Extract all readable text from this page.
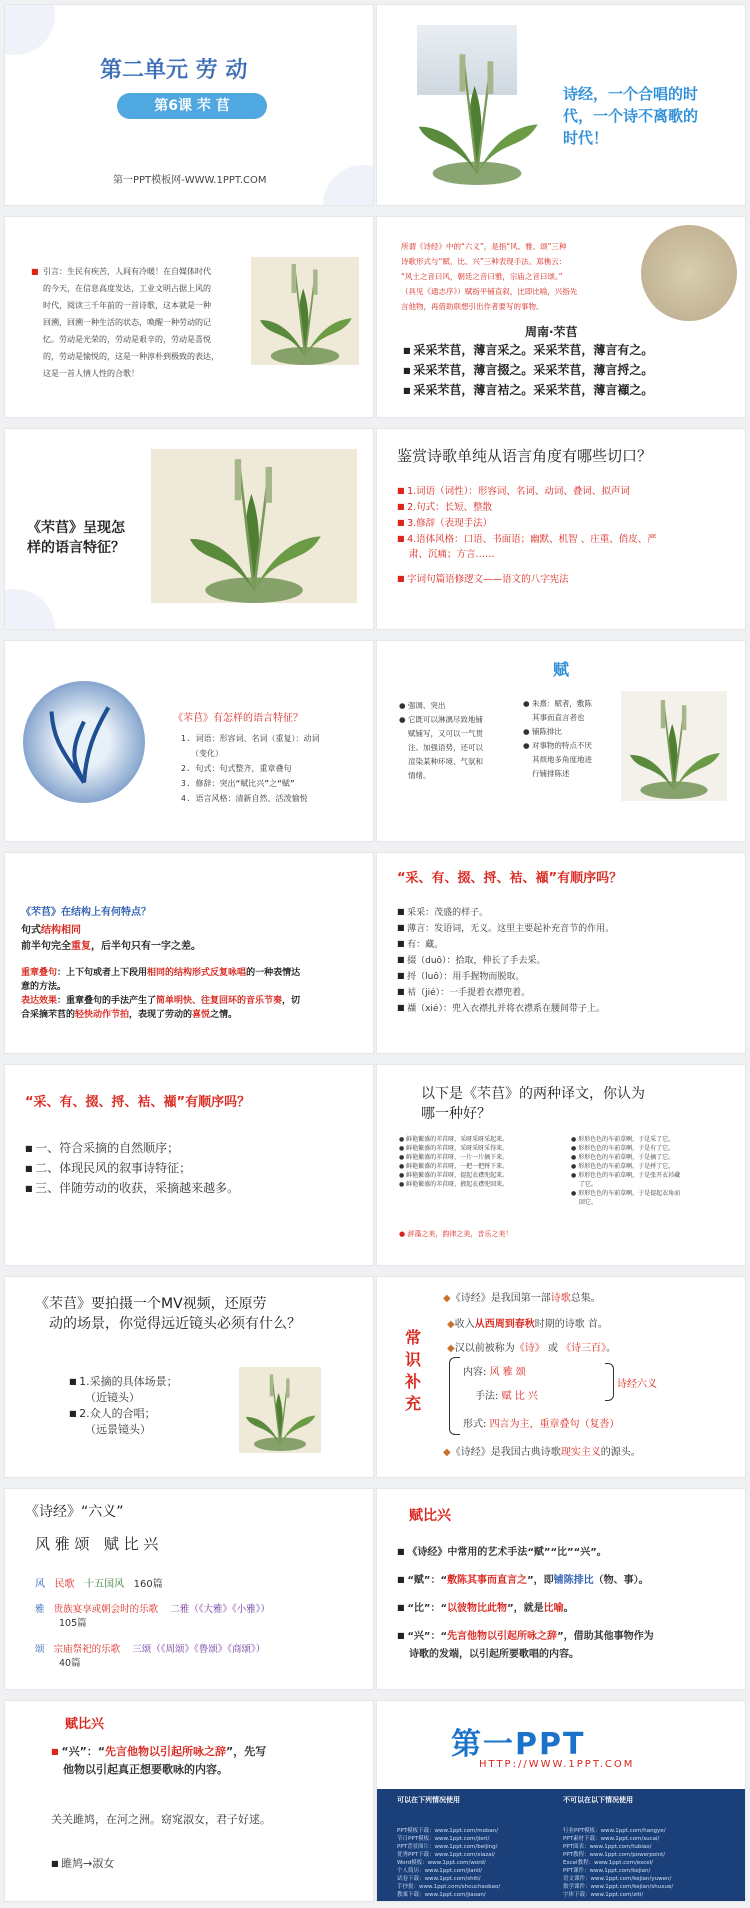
第二单元 劳 动
第6课 芣 苢
第一PPT模板网-WWW.1PPT.COM
诗经，一个合唱的时
代，一个诗不离歌的
时代！
■ 引言：生民有疾苦，人间有冷暖！在自媒体时代
的今天，在信息高度发达，工业文明占据上风的
时代，阅读三千年前的一首诗歌，这本就是一种
回溯，回溯一种生活的状态，唤醒一种劳动的记
忆。劳动是光荣的，劳动是艰辛的，劳动是喜悦
的，劳动是愉悦的，这是一种淳朴到极致的表达，
这是一首人情人性的合歌！
所谓《诗经》中的“六义”，是指“风、雅、颂”三种
诗歌形式与“赋、比、兴”三种表现手法。郑樵云：
“风土之音曰风，朝廷之音曰雅，宗庙之音曰颂。”
（具见《通志序》）赋指平铺直叙，比即比喻，兴指先
言他物，再借助联想引出作者要写的事物。
周南·芣苢
■ 采采芣苢，薄言采之。采采芣苢，薄言有之。
■ 采采芣苢，薄言掇之。采采芣苢，薄言捋之。
■ 采采芣苢，薄言袺之。采采芣苢，薄言襭之。
《芣苢》呈现怎
样的语言特征？
鉴赏诗歌单纯从语言角度有哪些切口？
■ 1.词语（词性）：形容词、名词、动词、叠词、拟声词
■ 2.句式：长短、整散
■ 3.修辞（表现手法）
■ 4.语体风格：口语、书面语；幽默、机智 、庄重、俏皮、严
肃、沉痛；方言……
■ 字词句篇语修逻文——语文的八字宪法
《芣苢》有怎样的语言特征？
1. 词语：形容词、名词（重复）：动词
（变化）
2. 句式：句式整齐，重章叠句
3. 修辞：突出“赋比兴”之“赋”
4. 语言风格：清新自然、活泼愉悦
赋
● 强调、突出
● 它既可以淋漓尽致地铺
赋铺写，又可以一气贯
注、加强语势，还可以
渲染某种环境、气氛和
情绪。
● 朱熹：赋者，敷陈
其事而直言者也
● 铺陈排比
● 对事物的特点不厌
其烦地多角度地进
行铺排陈述
《芣苢》在结构上有何特点？
句式结构相同
前半句完全重复，后半句只有一字之差。
重章叠句：上下句或者上下段用相同的结构形式反复咏唱的一种表情达
意的方法。
表达效果：重章叠句的手法产生了简单明快、往复回环的音乐节奏，切
合采摘芣苢的轻快动作节拍，表现了劳动的喜悦之情。
“采、有、掇、捋、袺、襭”有顺序吗？
■ 采采：茂盛的样子。
■ 薄言：发语词，无义。这里主要起补充音节的作用。
■ 有：藏。
■ 掇（duō）：拾取，伸长了手去采。
■ 捋（luō）：用手握物而脱取。
■ 袺（jié）：一手提着衣襟兜着。
■ 襭（xié）：兜入衣襟扎并将衣襟系在腰间带子上。
“采、有、掇、捋、袺、襭”有顺序吗？
■ 一、符合采摘的自然顺序；
■ 二、体现民风的叙事诗特征；
■ 三、伴随劳动的收获，采摘越来越多。
以下是《芣苢》的两种译文，你认为
哪一种好？
● 鲜艳繁盛的芣苢呀，采呀采呀采起来。
● 鲜艳繁盛的芣苢呀，采呀采呀采得来。
● 鲜艳繁盛的芣苢呀，一片一片摘下来。
● 鲜艳繁盛的芣苢呀，一把一把捋下来。
● 鲜艳繁盛的芣苢呀，提起衣襟兜起来。
● 鲜艳繁盛的芣苢呀，掖起衣襟兜回来。
● 形形色色的车前草啊，于是采了它。
● 形形色色的车前草啊，于是有了它。
● 形形色色的车前草啊，于是摘了它。
● 形形色色的车前草啊，于是捋了它。
● 形形色色的车前草啊，于是张开衣衫藏
了它。
● 形形色色的车前草啊，于是提起衣角而
回它。
● 辞藻之美，韵律之美，音乐之美！
《芣苢》要拍摄一个MV视频，还原劳
动的场景，你觉得远近镜头必须有什么？
■ 1.采摘的具体场景；
（近镜头）
■ 2.众人的合唱；
（远景镜头）
常
识
补
充
◆《诗经》是我国第一部诗歌总集。
◆收入从西周到春秋时期的诗歌 首。
◆汉以前被称为《诗》 或 《诗三百》。
内容: 风 雅 颂
手法: 赋 比 兴
诗经六义
形式: 四言为主，重章叠句（复沓）
◆《诗经》是我国古典诗歌现实主义的源头。
《诗经》“六义”
风 雅 颂   赋 比 兴
风 民歌 十五国风 160篇
雅 贵族宴享或朝会时的乐歌 二雅（《大雅》《小雅》）
105篇
颂 宗庙祭祀的乐歌 三颂（《周颂》《鲁颂》《商颂》）
40篇
赋比兴
■ 《诗经》中常用的艺术手法“赋”“比”“兴”。
■ “赋”：“敷陈其事而直言之”，即铺陈排比（物、事）。
■ “比”：“以彼物比此物”，就是比喻。
■ “兴”：“先言他物以引起所咏之辞”，借助其他事物作为
诗歌的发端，以引起所要歌唱的内容。
赋比兴
■ “兴”：“先言他物以引起所咏之辞”，先写
他物以引起真正想要歌咏的内容。
关关雎鸠，在河之洲。窈窕淑女，君子好逑。
■ 雎鸠→淑女
第一PPT
HTTP://WWW.1PPT.COM
可以在下列情况使用	不可以在以下情况使用
PPT模板下载：www.1ppt.com/moban/
节日PPT模板：www.1ppt.com/jieri/
PPT背景图片：www.1ppt.com/beijing/
优秀PPT下载：www.1ppt.com/xiazai/
Word模板：www.1ppt.com/word/
个人简历：www.1ppt.com/jianli/
试卷下载：www.1ppt.com/shiti/
手抄报：www.1ppt.com/shouchaobao/
教案下载：www.1ppt.com/jiaoan/
行业PPT模板：www.1ppt.com/hangye/
PPT素材下载：www.1ppt.com/sucai/
PPT图表：www.1ppt.com/tubiao/
PPT教程：www.1ppt.com/powerpoint/
Excel教程：www.1ppt.com/excel/
PPT课件：www.1ppt.com/kejian/
语文课件：www.1ppt.com/kejian/yuwen/
数学课件：www.1ppt.com/kejian/shuxue/
字体下载：www.1ppt.com/ziti/
